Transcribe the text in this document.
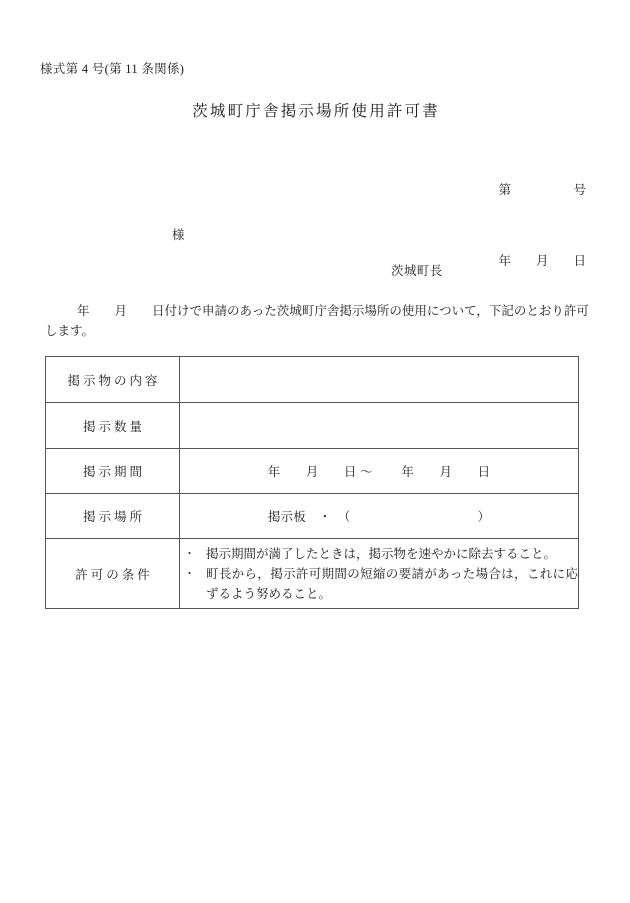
様式第 4 号(第 11 条関係)
茨城町庁舎掲示場所使用許可書

第　　　　　号

年　　月　　日

様
茨城町長
年　　月　　日付けで申請のあった茨城町庁舎掲示場所の使用について，下記のとおり許可します。
掲示物の内容	
掲示数量	
掲示期間	年　　月　　日 ～ 　　年　　月　　日
掲示場所	掲示板　・　（　　　　　　　　　　）
許可の条件	
・ 掲示期間が満了したときは，掲示物を速やかに除去すること。
・ 町長から，掲示許可期間の短縮の要請があった場合は，これに応ずるよう努めること。
